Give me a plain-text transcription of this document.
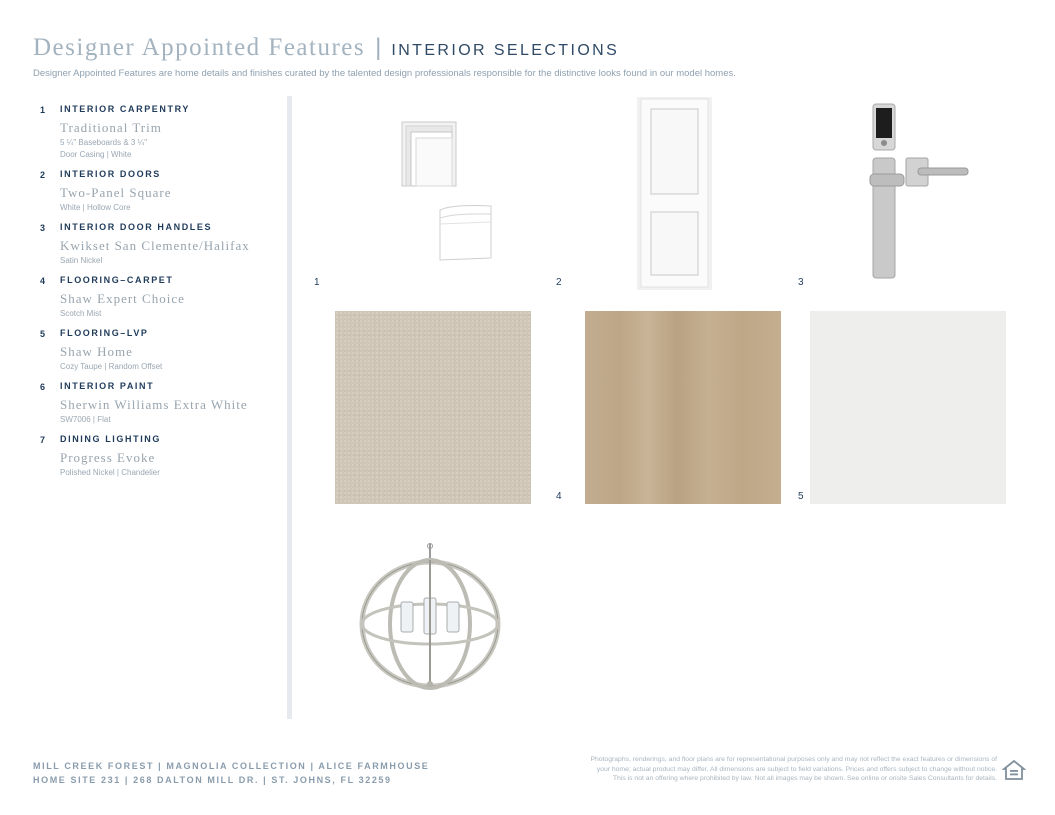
Designer Appointed Features | INTERIOR SELECTIONS
Designer Appointed Features are home details and finishes curated by the talented design professionals responsible for the distinctive looks found in our model homes.
1	INTERIOR CARPENTRY
Traditional Trim
5 ¼" Baseboards & 3 ¼"
Door Casing | White
2	INTERIOR DOORS
Two-Panel Square
White | Hollow Core
3	INTERIOR DOOR HANDLES
Kwikset San Clemente/Halifax
Satin Nickel
4	FLOORING–CARPET
Shaw Expert Choice
Scotch Mist
5	FLOORING–LVP
Shaw Home
Cozy Taupe | Random Offset
6	INTERIOR PAINT
Sherwin Williams Extra White
SW7006 | Flat
7	DINING LIGHTING
Progress Evoke
Polished Nickel | Chandelier
1	2	3
4	5
MILL CREEK FOREST | MAGNOLIA COLLECTION | ALICE FARMHOUSE
HOME SITE 231 | 268 DALTON MILL DR. | ST. JOHNS, FL 32259
Photographs, renderings, and floor plans are for representational purposes only and may not reflect the exact features or dimensions of
your home; actual product may differ. All dimensions are subject to field variations. Prices and offers subject to change without notice.
This is not an offering where prohibited by law. Not all images may be shown. See online or onsite Sales Consultants for details.
